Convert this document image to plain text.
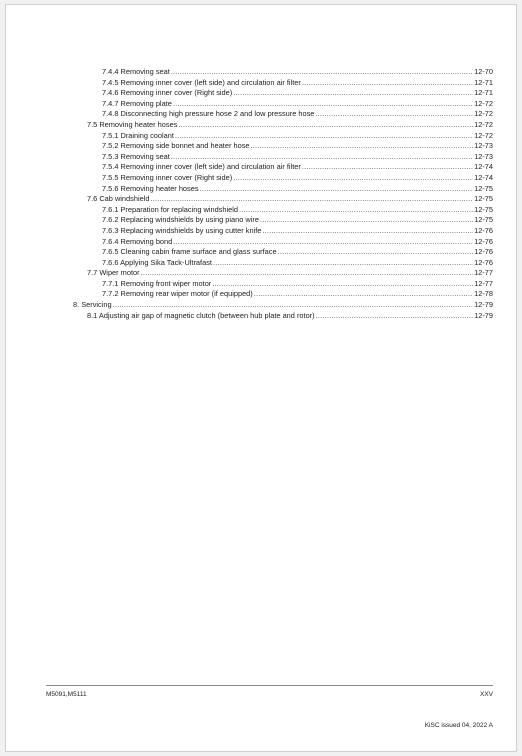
7.4.4 Removing seat .....	12-70
7.4.5 Removing inner cover (left side) and circulation air filter .....	12-71
7.4.6 Removing inner cover (Right side) .....	12-71
7.4.7 Removing plate .....	12-72
7.4.8 Disconnecting high pressure hose 2 and low pressure hose .....	12-72
7.5 Removing heater hoses .....	12-72
7.5.1 Draining coolant .....	12-72
7.5.2 Removing side bonnet and heater hose .....	12-73
7.5.3 Removing seat .....	12-73
7.5.4 Removing inner cover (left side) and circulation air filter .....	12-74
7.5.5 Removing inner cover (Right side) .....	12-74
7.5.6 Removing heater hoses .....	12-75
7.6 Cab windshield .....	12-75
7.6.1 Preparation for replacing windshield .....	12-75
7.6.2 Replacing windshields by using piano wire .....	12-75
7.6.3 Replacing windshields by using cutter knife .....	12-76
7.6.4 Removing bond .....	12-76
7.6.5 Cleaning cabin frame surface and glass surface .....	12-76
7.6.6 Applying Sika Tack-Ultrafast .....	12-76
7.7 Wiper motor .....	12-77
7.7.1 Removing front wiper motor .....	12-77
7.7.2 Removing rear wiper motor (if equipped) .....	12-78
8. Servicing .....	12-79
8.1 Adjusting air gap of magnetic clutch (between hub plate and rotor) .....	12-79
M5091,M5111	XXV
KiSC issued 04, 2022 A
